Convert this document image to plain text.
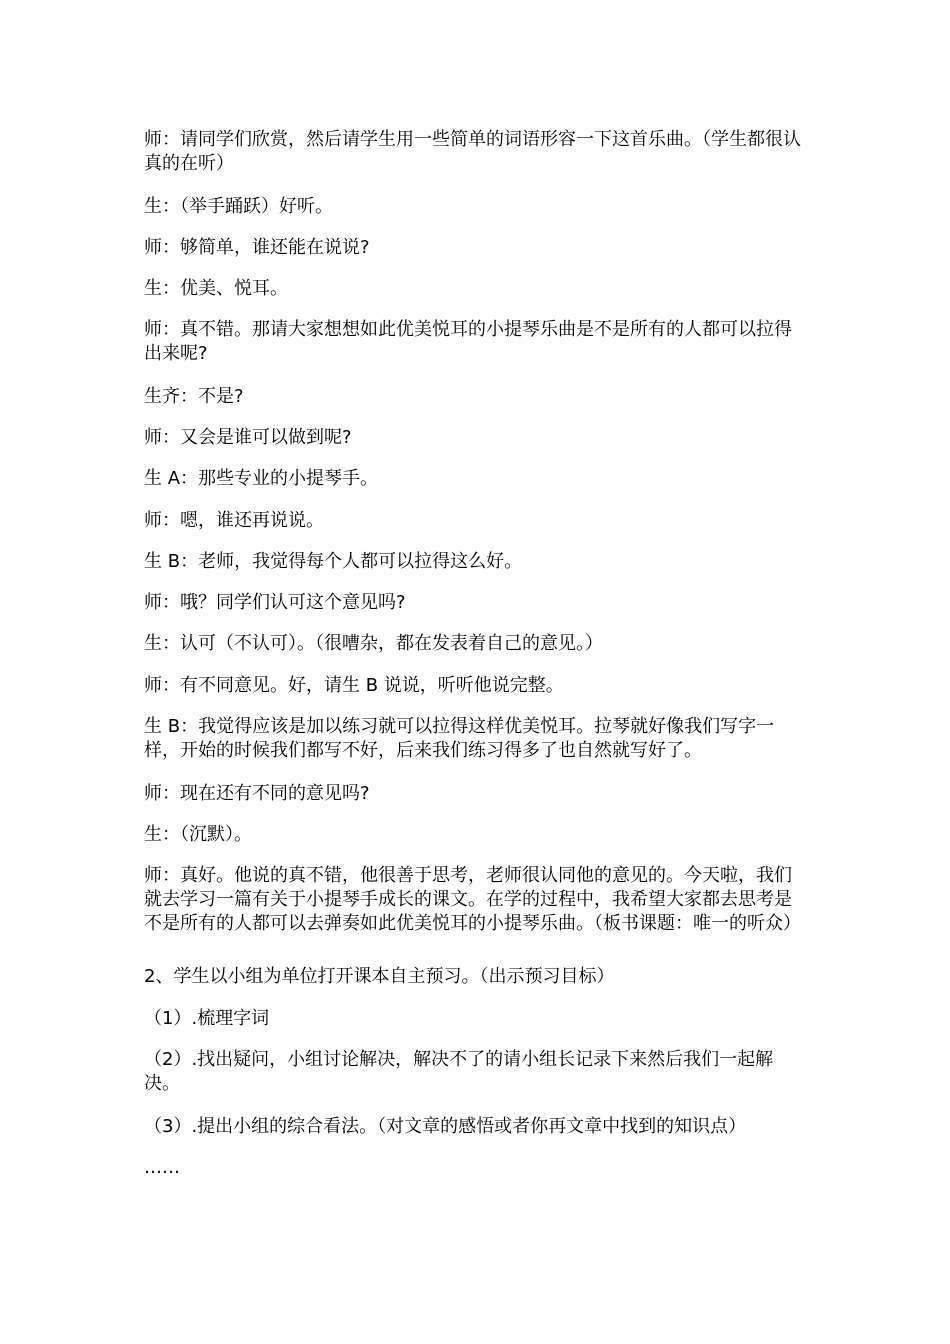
师：请同学们欣赏，然后请学生用一些简单的词语形容一下这首乐曲。（学生都很认真的在听）

生：（举手踊跃）好听。

师：够简单，谁还能在说说?

生：优美、悦耳。

师：真不错。那请大家想想如此优美悦耳的小提琴乐曲是不是所有的人都可以拉得出来呢?

生齐：不是?

师：又会是谁可以做到呢?

生 A：那些专业的小提琴手。

师：嗯，谁还再说说。

生 B：老师，我觉得每个人都可以拉得这么好。

师：哦？同学们认可这个意见吗?

生：认可（不认可）。（很嘈杂，都在发表着自己的意见。）

师：有不同意见。好，请生 B 说说，听听他说完整。

生 B：我觉得应该是加以练习就可以拉得这样优美悦耳。拉琴就好像我们写字一样，开始的时候我们都写不好，后来我们练习得多了也自然就写好了。

师：现在还有不同的意见吗?

生：（沉默）。

师：真好。他说的真不错，他很善于思考，老师很认同他的意见的。今天啦，我们就去学习一篇有关于小提琴手成长的课文。在学的过程中，我希望大家都去思考是不是所有的人都可以去弹奏如此优美悦耳的小提琴乐曲。（板书课题：唯一的听众）

2、学生以小组为单位打开课本自主预习。（出示预习目标）

（1）.梳理字词

（2）.找出疑问，小组讨论解决，解决不了的请小组长记录下来然后我们一起解决。

（3）.提出小组的综合看法。（对文章的感悟或者你再文章中找到的知识点）

……
